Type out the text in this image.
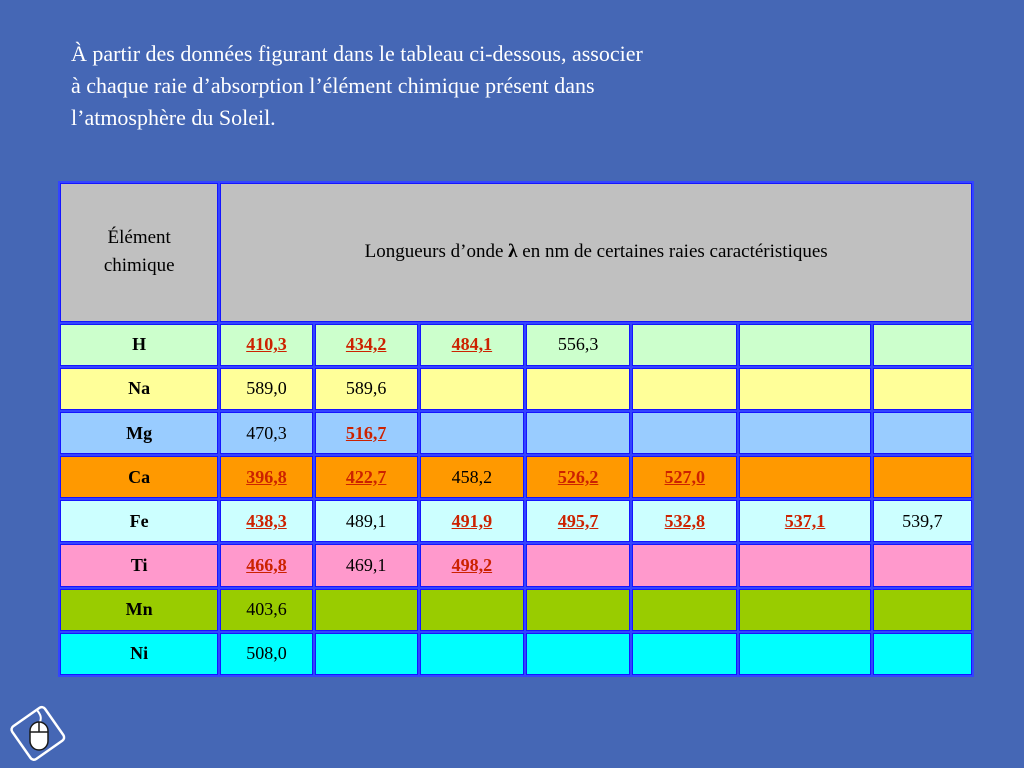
À partir des données figurant dans le tableau ci-dessous, associer
à chaque raie d’absorption l’élément chimique présent dans
l’atmosphère du Soleil.
Élément
chimique	Longueurs d’onde λ en nm de certaines raies caractéristiques						
H	410,3	434,2	484,1	556,3			
Na	589,0	589,6					
Mg	470,3	516,7					
Ca	396,8	422,7	458,2	526,2	527,0		
Fe	438,3	489,1	491,9	495,7	532,8	537,1	539,7
Ti	466,8	469,1	498,2				
Mn	403,6						
Ni	508,0						
